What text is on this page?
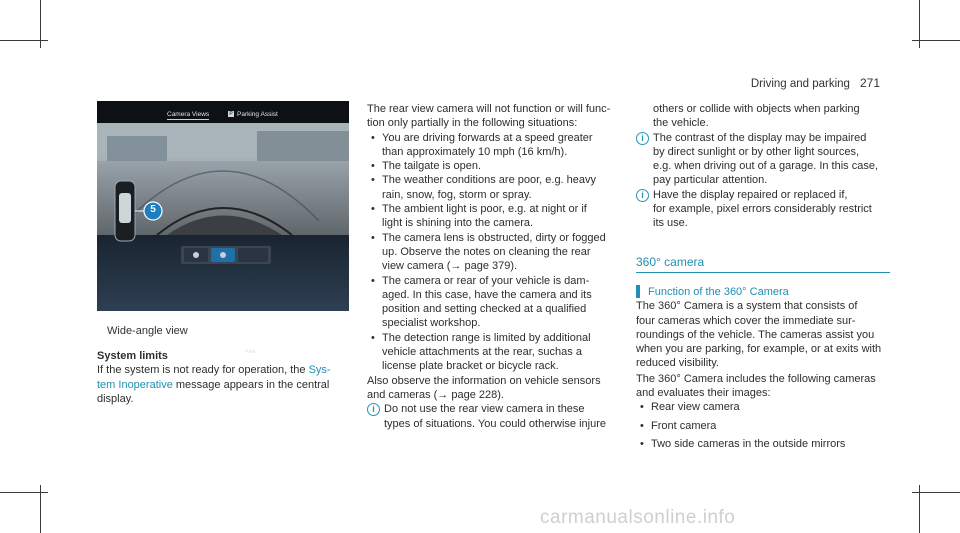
Driving and parking 271
Camera Views	P Parking Assist
5
Park
Wide-angle view

System limits

If the system is not ready for operation, the Sys-
tem Inoperative message appears in the central
display.

The rear view camera will not function or will func-
tion only partially in the following situations:

• You are driving forwards at a speed greater
than approximately 10 mph (16 km/h).
• The tailgate is open.
• The weather conditions are poor, e.g. heavy
rain, snow, fog, storm or spray.
• The ambient light is poor, e.g. at night or if
light is shining into the camera.
• The camera lens is obstructed, dirty or fogged
up. Observe the notes on cleaning the rear
view camera (→ page 379).
• The camera or rear of your vehicle is dam-
aged. In this case, have the camera and its
position and setting checked at a qualified
specialist workshop.
• The detection range is limited by additional
vehicle attachments at the rear, suchas a
license plate bracket or bicycle rack.

Also observe the information on vehicle sensors
and cameras (→ page 228).

i Do not use the rear view camera in these
types of situations. You could otherwise injure

others or collide with objects when parking
the vehicle.

i The contrast of the display may be impaired
by direct sunlight or by other light sources,
e.g. when driving out of a garage. In this case,
pay particular attention.
i Have the display repaired or replaced if,
for example, pixel errors considerably restrict
its use.
360° camera

Function of the 360° Camera

The 360° Camera is a system that consists of
four cameras which cover the immediate sur-
roundings of the vehicle. The cameras assist you
when you are parking, for example, or at exits with
reduced visibility.

The 360° Camera includes the following cameras
and evaluates their images:

• Rear view camera
• Front camera
• Two side cameras in the outside mirrors
carmanualsonline.info
